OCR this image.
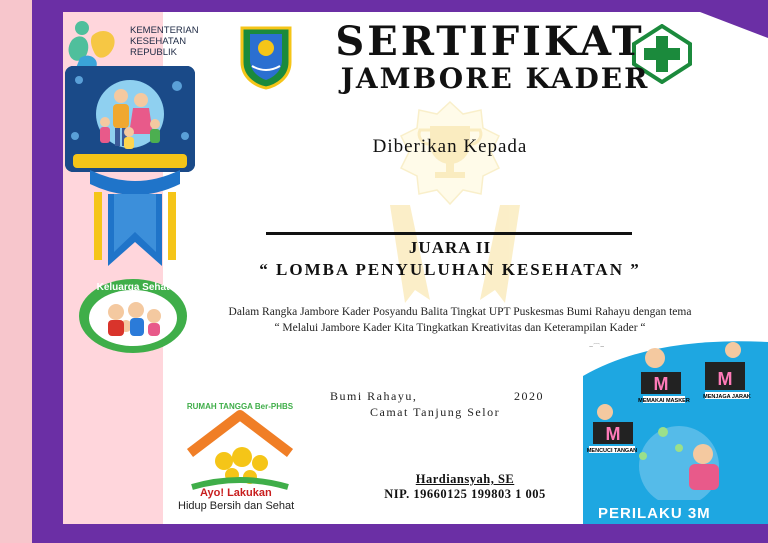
KEMENTERIAN
KESEHATAN
REPUBLIK
Keluarga Sehat
SERTIFIKAT
JAMBORE KADER
Diberikan Kepada
JUARA II
“ LOMBA PENYULUHAN KESEHATAN ”
Dalam Rangka Jambore Kader Posyandu Balita Tingkat UPT Puskesmas Bumi Rahayu dengan tema
“ Melalui Jambore Kader Kita Tingkatkan Kreativitas dan Keterampilan Kader “
~⌒~
Bumi Rahayu,	2020
Camat Tanjung Selor
Hardiansyah, SE
NIP. 19660125 199803 1 005
RUMAH TANGGA Ber-PHBS
Ayo! Lakukan
Hidup Bersih dan Sehat
M	M
M
MEMAKAI MASKER
MENJAGA JARAK
MENCUCI TANGAN
PERILAKU 3M
